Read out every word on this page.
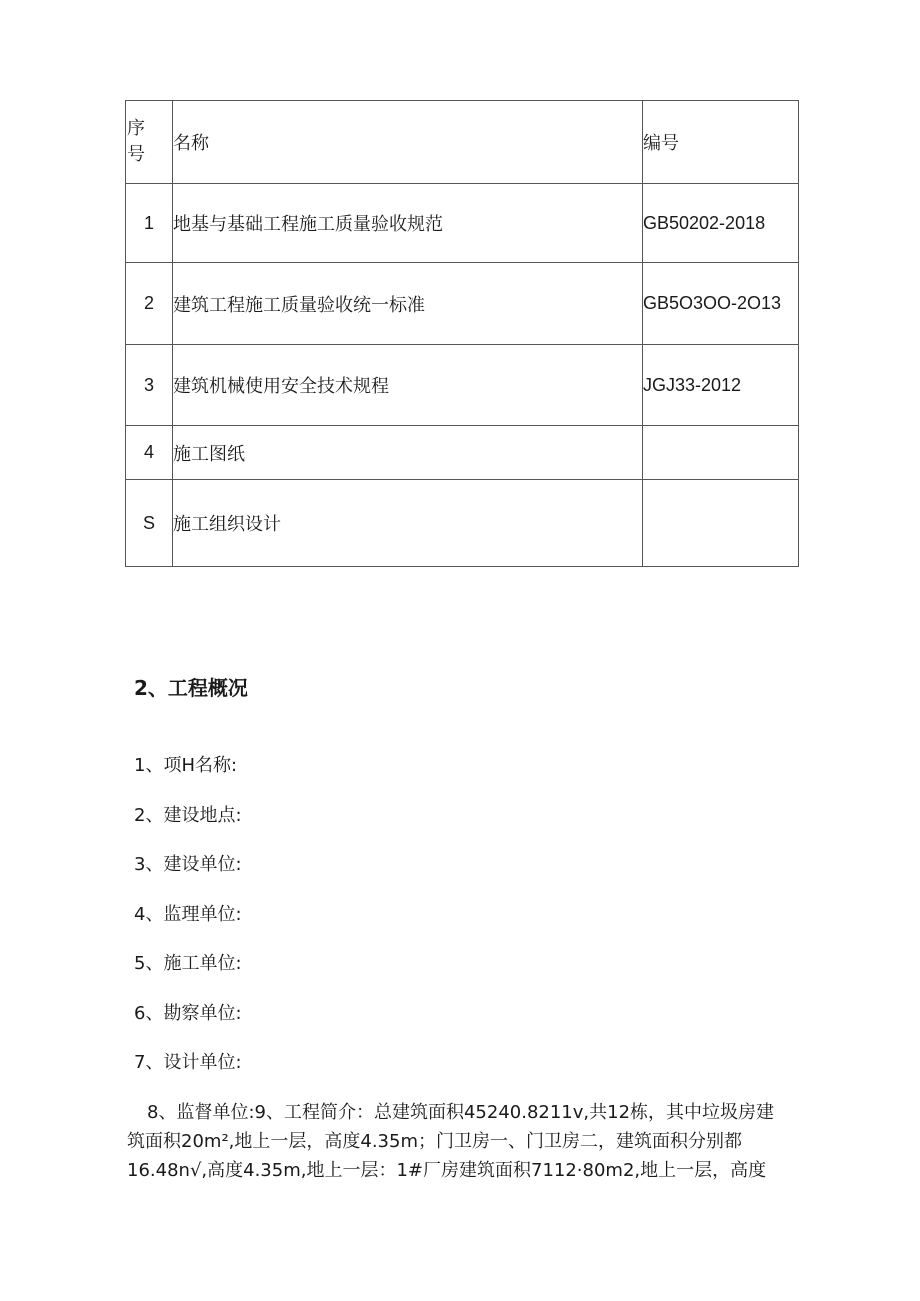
序
号	名称	编号
1	地基与基础工程施工质量验收规范	GB50202-2018
2	建筑工程施工质量验收统一标准	GB5O3OO-2O13
3	建筑机械使用安全技术规程	JGJ33-2012
4	施工图纸	
S	施工组织设计	
2、工程概况
1、项H名称:
2、建设地点:
3、建设单位:
4、监理单位:
5、施工单位:
6、勘察单位:
7、设计单位:
8、监督单位:9、工程简介：总建筑面积45240.8211v,共12栋，其中垃圾房建
筑面积20m²,地上一层，高度4.35m；门卫房一、门卫房二，建筑面积分别都
16.48n√,高度4.35m,地上一层：1#厂房建筑面积7112·80m2,地上一层，高度
